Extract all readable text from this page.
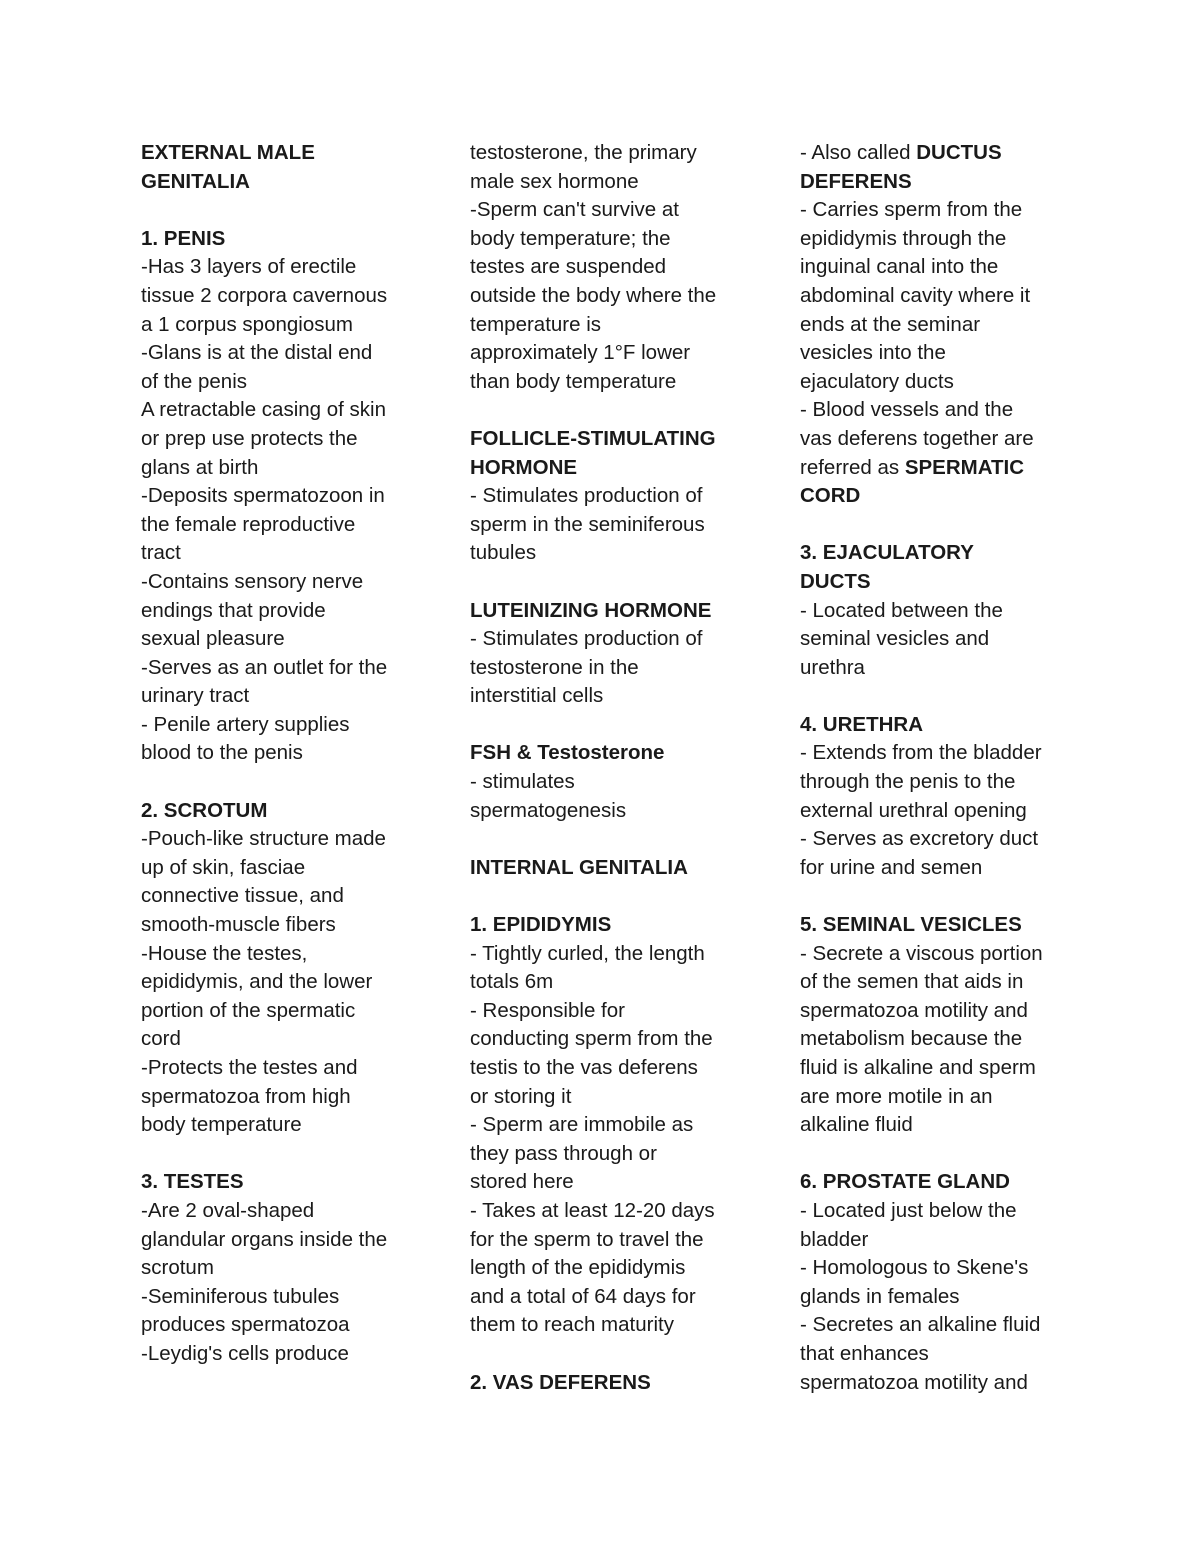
EXTERNAL MALE

GENITALIA

1. PENIS

-Has 3 layers of erectile

tissue 2 corpora cavernous

a 1 corpus spongiosum

-Glans is at the distal end

of the penis

A retractable casing of skin

or prep use protects the

glans at birth

-Deposits spermatozoon in

the female reproductive

tract

-Contains sensory nerve

endings that provide

sexual pleasure

-Serves as an outlet for the

urinary tract

- Penile artery supplies

blood to the penis

2. SCROTUM

-Pouch-like structure made

up of skin, fasciae

connective tissue, and

smooth-muscle fibers

-House the testes,

epididymis, and the lower

portion of the spermatic

cord

-Protects the testes and

spermatozoa from high

body temperature

3. TESTES

-Are 2 oval-shaped

glandular organs inside the

scrotum

-Seminiferous tubules

produces spermatozoa

-Leydig's cells produce

testosterone, the primary

male sex hormone

-Sperm can't survive at

body temperature; the

testes are suspended

outside the body where the

temperature is

approximately 1°F lower

than body temperature

FOLLICLE-STIMULATING

HORMONE

- Stimulates production of

sperm in the seminiferous

tubules

LUTEINIZING HORMONE

- Stimulates production of

testosterone in the

interstitial cells

FSH & Testosterone

- stimulates

spermatogenesis

INTERNAL GENITALIA

1. EPIDIDYMIS

- Tightly curled, the length

totals 6m

- Responsible for

conducting sperm from the

testis to the vas deferens

or storing it

- Sperm are immobile as

they pass through or

stored here

- Takes at least 12-20 days

for the sperm to travel the

length of the epididymis

and a total of 64 days for

them to reach maturity

2. VAS DEFERENS

- Also called DUCTUS

DEFERENS

- Carries sperm from the

epididymis through the

inguinal canal into the

abdominal cavity where it

ends at the seminar

vesicles into the

ejaculatory ducts

- Blood vessels and the

vas deferens together are

referred as SPERMATIC

CORD

3. EJACULATORY

DUCTS

- Located between the

seminal vesicles and

urethra

4. URETHRA

- Extends from the bladder

through the penis to the

external urethral opening

- Serves as excretory duct

for urine and semen

5. SEMINAL VESICLES

- Secrete a viscous portion

of the semen that aids in

spermatozoa motility and

metabolism because the

fluid is alkaline and sperm

are more motile in an

alkaline fluid

6. PROSTATE GLAND

- Located just below the

bladder

- Homologous to Skene's

glands in females

- Secretes an alkaline fluid

that enhances

spermatozoa motility and
